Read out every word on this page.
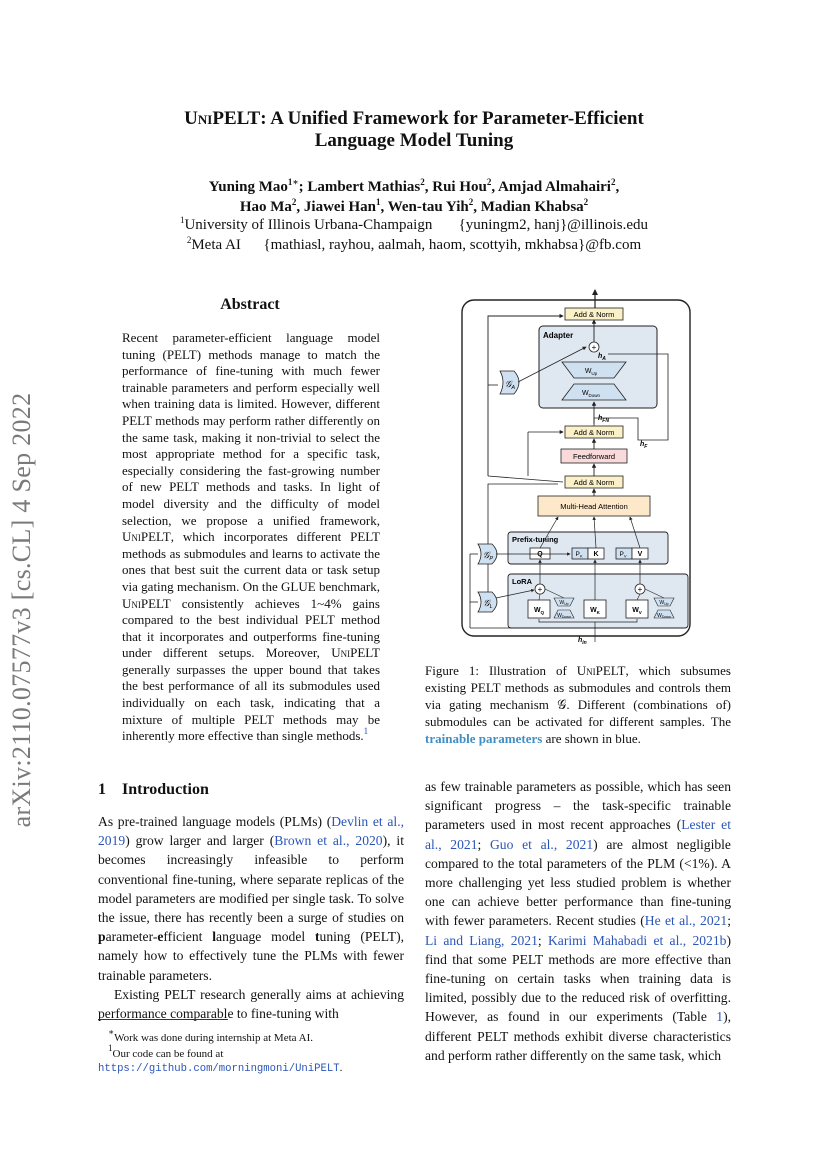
UniPELT: A Unified Framework for Parameter-Efficient
Language Model Tuning
Yuning Mao$^{1∗}$; Lambert Mathias$^2$, Rui Hou$^2$, Amjad Almahairi$^2$,
Hao Ma$^2$, Jiawei Han$^1$, Wen-tau Yih$^2$, Madian Khabsa$^2$
$^1$University of Illinois Urbana-Champaign {yuningm2, hanj}@illinois.edu
$^2$Meta AI {mathiasl, rayhou, aalmah, haom, scottyih, mkhabsa}@fb.com
arXiv:2110.07577v3 [cs.CL] 4 Sep 2022
Abstract
Recent parameter-efficient language model tuning (PELT) methods manage to match the performance of fine-tuning with much fewer trainable parameters and perform especially well when training data is limited. However, different PELT methods may perform rather differently on the same task, making it non-trivial to select the most appropriate method for a specific task, especially considering the fast-growing number of new PELT methods and tasks. In light of model diversity and the difficulty of model selection, we propose a unified framework, UniPELT, which incorporates different PELT methods as submodules and learns to activate the ones that best suit the current data or task setup via gating mechanism. On the GLUE benchmark, UniPELT consistently achieves 1~4% gains compared to the best individual PELT method that it incorporates and outperforms fine-tuning under different setups. Moreover, UniPELT generally surpasses the upper bound that takes the best performance of all its submodules used individually on each task, indicating that a mixture of multiple PELT methods may be inherently more effective than single methods.$^1$
1 Introduction

As pre-trained language models (PLMs) (Devlin et al., 2019) grow larger and larger (Brown et al., 2020), it becomes increasingly infeasible to perform conventional fine-tuning, where separate replicas of the model parameters are modified per single task. To solve the issue, there has recently been a surge of studies on parameter-efficient language model tuning (PELT), namely how to effectively tune the PLMs with fewer trainable parameters.

Existing PELT research generally aims at achieving performance comparable to fine-tuning with

∗Work was done during internship at Meta AI.

$^1$Our code can be found at https://github.com/morningmoni/UniPELT.

Add & Norm
Adapter
+
$h_A$
$W_{Up}$
$W_{Down}$
𝒢$_A$
$h_{FN}$
Add & Norm
$h_F$
Feedforward
Add & Norm
Multi-Head Attention
Prefix-tuning
Q	$P_K$ K	$P_V$ V
𝒢$_P$
LoRA
+	+
$W_Q$
$W_{Up}$
$W_{Down}$
$W_K$	$W_V$
$W_{Up}$
$W_{Down}$
𝒢$_L$
$h_{in}$
Figure 1: Illustration of UniPELT, which subsumes existing PELT methods as submodules and controls them via gating mechanism 𝒢. Different (combinations of) submodules can be activated for different samples. The trainable parameters are shown in blue.
as few trainable parameters as possible, which has seen significant progress – the task-specific trainable parameters used in most recent approaches (Lester et al., 2021; Guo et al., 2021) are almost negligible compared to the total parameters of the PLM (<1%). A more challenging yet less studied problem is whether one can achieve better performance than fine-tuning with fewer parameters. Recent studies (He et al., 2021; Li and Liang, 2021; Karimi Mahabadi et al., 2021b) find that some PELT methods are more effective than fine-tuning on certain tasks when training data is limited, possibly due to the reduced risk of overfitting. However, as found in our experiments (Table 1), different PELT methods exhibit diverse characteristics and perform rather differently on the same task, which
